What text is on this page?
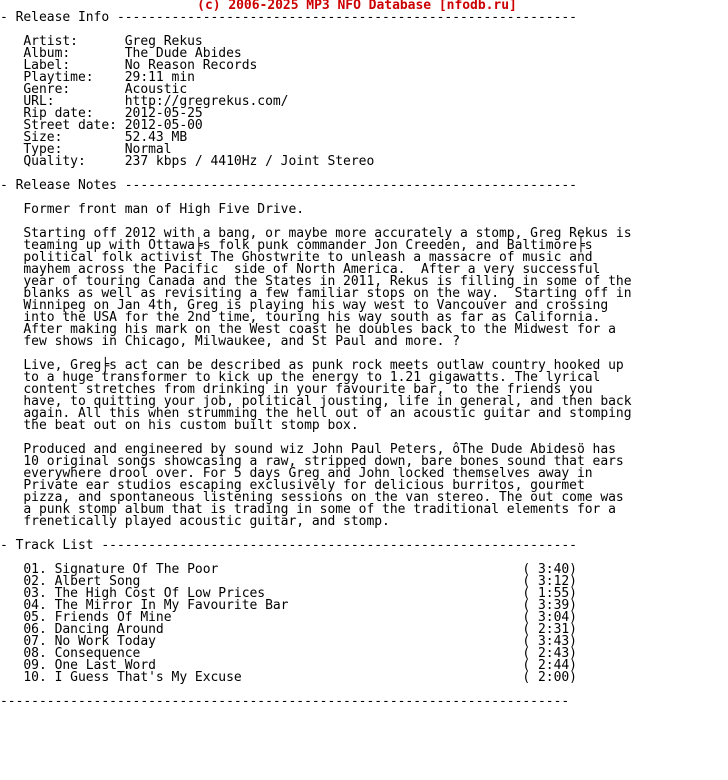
(c) 2006-2025 MP3 NFO Database [nfodb.ru]
- Release Info -----------------------------------------------------------

Artist:	Greg Rekus
Album:	The Dude Abides
Label:	No Reason Records
Playtime: 29:11 min
Genre:	Acoustic
URL:	http://gregrekus.com/
Rip date: 2012-05-25
Street date: 2012-05-00
Size:	52.43 MB
Type:	Normal
Quality:	237 kbps / 4410Hz / Joint Stereo

- Release Notes ----------------------------------------------------------

Former front man of High Five Drive.

Starting off 2012 with a bang, or maybe more accurately a stomp, Greg Rekus is
teaming up with Ottawa╞s folk punk commander Jon Creeden, and Baltimore╞s
political folk activist The Ghostwrite to unleash a massacre of music and
mayhem across the Pacific  side of North America.  After a very successful
year of touring Canada and the States in 2011, Rekus is filling in some of the
blanks as well as revisiting a few familiar stops on the way.  Starting off in
Winnipeg on Jan 4th, Greg is playing his way west to Vancouver and crossing
into the USA for the 2nd time, touring his way south as far as California.
After making his mark on the West coast he doubles back to the Midwest for a
few shows in Chicago, Milwaukee, and St Paul and more. ?

Live, Greg╞s act can be described as punk rock meets outlaw country hooked up
to a huge transformer to kick up the energy to 1.21 gigawatts. The lyrical
content stretches from drinking in your favourite bar, to the friends you
have, to quitting your job, political jousting, life in general, and then back
again. All this when strumming the hell out of an acoustic guitar and stomping
the beat out on his custom built stomp box.

Produced and engineered by sound wiz John Paul Peters, ôThe Dude Abidesö has
10 original songs showcasing a raw, stripped down, bare bones sound that ears
everywhere drool over. For 5 days Greg and John locked themselves away in
Private ear studios escaping exclusively for delicious burritos, gourmet
pizza, and spontaneous listening sessions on the van stereo. The out come was
a punk stomp album that is trading in some of the traditional elements for a
frenetically played acoustic guitar, and stomp.

- Track List -------------------------------------------------------------

01. Signature Of The Poor	( 3:40)
02. Albert Song	( 3:12)
03. The High Cost Of Low Prices	( 1:55)
04. The Mirror In My Favourite Bar	( 3:39)
05. Friends Of Mine	( 3:04)
06. Dancing Around	( 2:31)
07. No Work Today	( 3:43)
08. Consequence	( 2:43)
09. One Last Word	( 2:44)
10. I Guess That's My Excuse	( 2:00)

-------------------------------------------------------------------------
